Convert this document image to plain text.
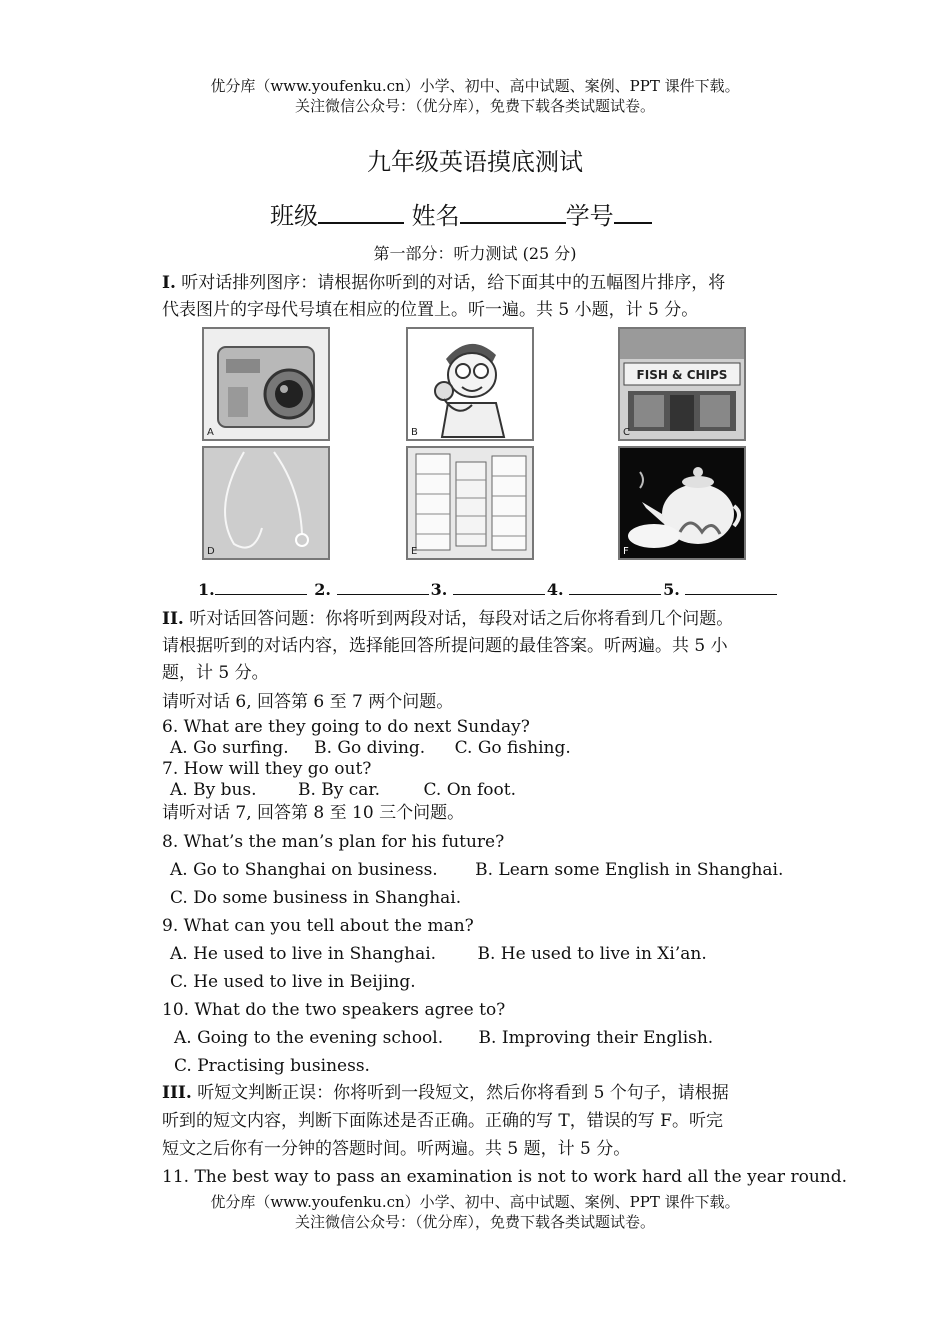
优分库（www.youfenku.cn）小学、初中、高中试题、案例、PPT 课件下载。
关注微信公众号：（优分库），免费下载各类试题试卷。
九年级英语摸底测试
班级	姓名	学号
第一部分：听力测试 (25 分)
I. 听对话排列图序：请根据你听到的对话，给下面其中的五幅图片排序，将
代表图片的字母代号填在相应的位置上。听一遍。共 5 小题，计 5 分。
A	B
FISH & CHIPS
C
D	E	F
1.	2.	3.	4.	5.
II. 听对话回答问题：你将听到两段对话，每段对话之后你将看到几个问题。
请根据听到的对话内容，选择能回答所提问题的最佳答案。听两遍。共 5 小
题，计 5 分。
请听对话 6, 回答第 6 至 7 两个问题。
6. What are they going to do next Sunday?
A. Go surfing. B. Go diving. C. Go fishing.
7. How will they go out?
A. By bus. B. By car.	C. On foot.
请听对话 7, 回答第 8 至 10 三个问题。
8. What’s the man’s plan for his future?
A. Go to Shanghai on business. B. Learn some English in Shanghai.
C. Do some business in Shanghai.
9. What can you tell about the man?
A. He used to live in Shanghai. B. He used to live in Xi’an.
C. He used to live in Beijing.
10. What do the two speakers agree to?
A. Going to the evening school. B. Improving their English.
C. Practising business.
III. 听短文判断正误：你将听到一段短文，然后你将看到 5 个句子，请根据
听到的短文内容，判断下面陈述是否正确。正确的写 T，错误的写 F。听完
短文之后你有一分钟的答题时间。听两遍。共 5 题，计 5 分。
11. The best way to pass an examination is not to work hard all the year round.
优分库（www.youfenku.cn）小学、初中、高中试题、案例、PPT 课件下载。
关注微信公众号：（优分库），免费下载各类试题试卷。
